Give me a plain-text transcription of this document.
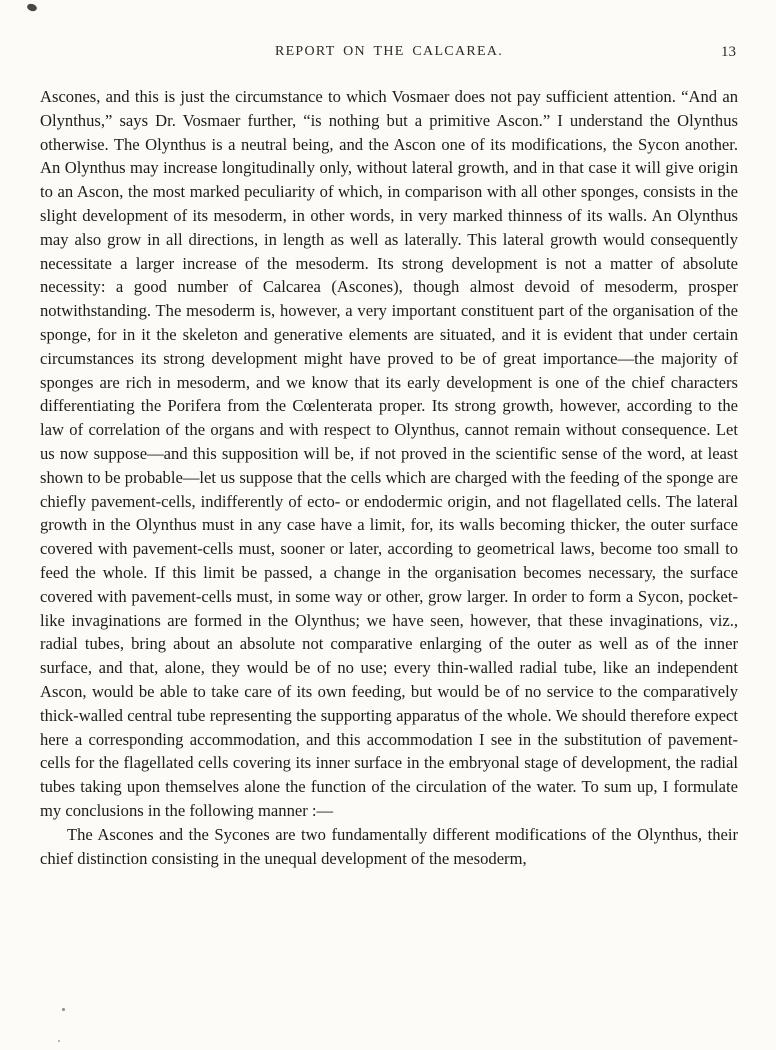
REPORT ON THE CALCAREA.	13

Ascones, and this is just the circumstance to which Vosmaer does not pay sufficient attention. “And an Olynthus,” says Dr. Vosmaer further, “is nothing but a primitive Ascon.” I understand the Olynthus otherwise. The Olynthus is a neutral being, and the Ascon one of its modifications, the Sycon another. An Olynthus may increase longitudinally only, without lateral growth, and in that case it will give origin to an Ascon, the most marked peculiarity of which, in comparison with all other sponges, consists in the slight development of its mesoderm, in other words, in very marked thinness of its walls. An Olynthus may also grow in all directions, in length as well as laterally. This lateral growth would consequently necessitate a larger increase of the mesoderm. Its strong development is not a matter of absolute necessity: a good number of Calcarea (Ascones), though almost devoid of mesoderm, prosper notwithstanding. The mesoderm is, however, a very important constituent part of the organisation of the sponge, for in it the skeleton and generative elements are situated, and it is evident that under certain circumstances its strong development might have proved to be of great importance—the majority of sponges are rich in mesoderm, and we know that its early development is one of the chief characters differentiating the Porifera from the Cœlenterata proper. Its strong growth, however, according to the law of correlation of the organs and with respect to Olynthus, cannot remain without consequence. Let us now suppose—and this supposition will be, if not proved in the scientific sense of the word, at least shown to be probable—let us suppose that the cells which are charged with the feeding of the sponge are chiefly pavement-cells, indifferently of ecto- or endodermic origin, and not flagellated cells. The lateral growth in the Olynthus must in any case have a limit, for, its walls becoming thicker, the outer surface covered with pavement-cells must, sooner or later, according to geometrical laws, become too small to feed the whole. If this limit be passed, a change in the organisation becomes necessary, the surface covered with pavement-cells must, in some way or other, grow larger. In order to form a Sycon, pocket-like invaginations are formed in the Olynthus; we have seen, however, that these invaginations, viz., radial tubes, bring about an absolute not comparative enlarging of the outer as well as of the inner surface, and that, alone, they would be of no use; every thin-walled radial tube, like an independent Ascon, would be able to take care of its own feeding, but would be of no service to the comparatively thick-walled central tube representing the supporting apparatus of the whole. We should therefore expect here a corresponding accommodation, and this accommodation I see in the substitution of pavement-cells for the flagellated cells covering its inner surface in the embryonal stage of development, the radial tubes taking upon themselves alone the function of the circulation of the water. To sum up, I formulate my conclusions in the following manner :—

The Ascones and the Sycones are two fundamentally different modifications of the Olynthus, their chief distinction consisting in the unequal development of the mesoderm,
